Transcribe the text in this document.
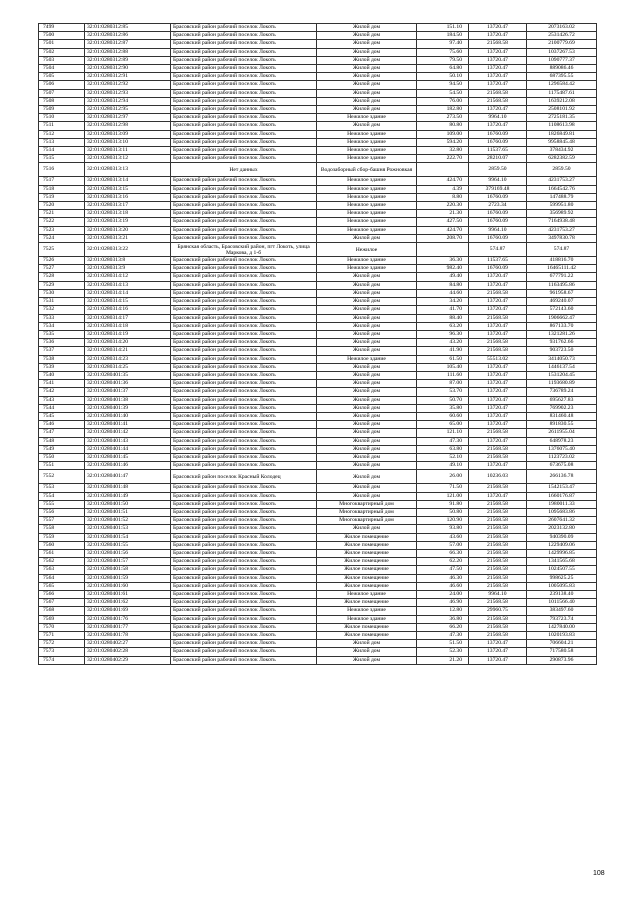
7499	32:01:0280312:85	Брасовский район рабочий поселок Локоть	Жилой дом	151.10	13720.47	2073163.02
7500	32:01:0280312:86	Брасовский район рабочий поселок Локоть	Жилой дом	184.50	13720.47	2531426.72
7501	32:01:0280312:87	Брасовский район рабочий поселок Локоть	Жилой дом	97.40	21568.58	2100779.69
7502	32:01:0280312:88	Брасовский район рабочий поселок Локоть	Жилой дом	75.60	13720.47	1037267.53
7503	32:01:0280312:89	Брасовский район рабочий поселок Локоть	Жилой дом	79.50	13720.47	1090777.37
7504	32:01:0280312:90	Брасовский район рабочий поселок Локоть	Жилой дом	64.80	13720.47	889086.46
7505	32:01:0280312:91	Брасовский район рабочий поселок Локоть	Жилой дом	50.10	13720.47	687395.55
7506	32:01:0280312:92	Брасовский район рабочий поселок Локоть	Жилой дом	94.50	13720.47	1296584.42
7507	32:01:0280312:93	Брасовский район рабочий поселок Локоть	Жилой дом	54.50	21568.58	1175487.61
7508	32:01:0280312:94	Брасовский район рабочий поселок Локоть	Жилой дом	76.00	21568.58	1639212.08
7509	32:01:0280312:95	Брасовский район рабочий поселок Локоть	Жилой дом	182.80	13720.47	2508101.92
7510	32:01:0280312:97	Брасовский район рабочий поселок Локоть	Нежилое здание	273.50	9964.10	2725181.35
7511	32:01:0280312:98	Брасовский район рабочий поселок Локоть	Жилой дом	80.80	13720.47	1108613.98
7512	32:01:0280313:09	Брасовский район рабочий поселок Локоть	Нежилое здание	109.00	16760.09	1826849.81
7513	32:01:0280313:10	Брасовский район рабочий поселок Локоть	Нежилое здание	594.20	16760.09	9958845.48
7514	32:01:0280313:11	Брасовский район рабочий поселок Локоть	Нежилое здание	32.80	11537.65	378434.92
7515	32:01:0280313:12	Брасовский район рабочий поселок Локоть	Нежилое здание	222.70	28210.07	6282382.59
7516	32:01:0280313:13	Нет данных	Водозаборный сбор-башня Рожновкая		2859.50	2859.50
7517	32:01:0280313:14	Брасовский район рабочий поселок Локоть	Нежилое здание	424.70	9964.10	4231753.27
7518	32:01:0280313:15	Брасовский район рабочий поселок Локоть	Нежилое здание	4.39	379169.48	1664542.76
7519	32:01:0280313:16	Брасовский район рабочий поселок Локоть	Нежилое здание	8.80	16760.09	147488.79
7520	32:01:0280313:17	Брасовский район рабочий поселок Локоть	Нежилое здание	220.30	2723.34	599951.80
7521	32:01:0280313:18	Брасовский район рабочий поселок Локоть	Нежилое здание	21.30	16760.09	356989.92
7522	32:01:0280313:19	Брасовский район рабочий поселок Локоть	Нежилое здание	427.50	16760.09	7164938.48
7523	32:01:0280313:20	Брасовский район рабочий поселок Локоть	Нежилое здание	424.70	9964.10	4231753.27
7524	32:01:0280313:21	Брасовский район рабочий поселок Локоть	Жилой дом	208.70	16760.09	3497830.78
7525	32:01:0280313:22	Брянская область, Брасовский район, пгт Локоть, улица Маркова, д 1-б	Нежилое		574.87	574.87
7526	32:01:0280313:8	Брасовский район рабочий поселок Локоть	Нежилое здание	36.30	11537.65	418816.70
7527	32:01:0280313:9	Брасовский район рабочий поселок Локоть	Нежилое здание	982.40	16760.09	16465111.42
7528	32:01:0280314:12	Брасовский район рабочий поселок Локоть	Жилой дом	49.40	13720.47	677791.22
7529	32:01:0280314:13	Брасовский район рабочий поселок Локоть	Жилой дом	84.80	13720.47	1163495.86
7530	32:01:0280314:14	Брасовский район рабочий поселок Локоть	Жилой дом	44.60	21568.58	961958.67
7531	32:01:0280314:15	Брасовский район рабочий поселок Локоть	Жилой дом	34.20	13720.47	469240.07
7532	32:01:0280314:16	Брасовский район рабочий поселок Локоть	Жилой дом	41.70	13720.47	572143.60
7533	32:01:0280314:17	Брасовский район рабочий поселок Локоть	Жилой дом	88.40	21568.58	1906662.47
7534	32:01:0280314:18	Брасовский район рабочий поселок Локоть	Жилой дом	63.20	13720.47	867133.70
7535	32:01:0280314:19	Брасовский район рабочий поселок Локоть	Жилой дом	96.30	13720.47	1321281.26
7536	32:01:0280314:20	Брасовский район рабочий поселок Локоть	Жилой дом	43.20	21568.58	931762.66
7537	32:01:0280314:21	Брасовский район рабочий поселок Локоть	Жилой дом	41.90	21568.58	903723.50
7538	32:01:0280314:23	Брасовский район рабочий поселок Локоть	Нежилое здание	61.50	55513.02	3414050.73
7539	32:01:0280314:25	Брасовский район рабочий поселок Локоть	Жилой дом	105.40	13720.47	1446137.54
7540	32:01:0280401:35	Брасовский район рабочий поселок Локоть	Жилой дом	111.60	13720.47	1531204.45
7541	32:01:0280401:36	Брасовский район рабочий поселок Локоть	Жилой дом	87.00	13720.47	1193680.89
7542	32:01:0280401:37	Брасовский район рабочий поселок Локоть	Жилой дом	53.70	13720.47	736789.24
7543	32:01:0280401:38	Брасовский район рабочий поселок Локоть	Жилой дом	50.70	13720.47	695627.83
7544	32:01:0280401:39	Брасовский район рабочий поселок Локоть	Жилой дом	35.80	13720.47	769902.23
7545	32:01:0280401:40	Брасовский район рабочий поселок Локоть	Жилой дом	60.60	13720.47	831460.48
7546	32:01:0280401:41	Брасовский район рабочий поселок Локоть	Жилой дом	65.00	13720.47	891830.55
7547	32:01:0280401:42	Брасовский район рабочий поселок Локоть	Жилой дом	121.10	21568.58	2611955.04
7548	32:01:0280401:43	Брасовский район рабочий поселок Локоть	Жилой дом	47.30	13720.47	648978.23
7549	32:01:0280401:44	Брасовский район рабочий поселок Локоть	Жилой дом	63.80	21568.58	1376075.40
7550	32:01:0280401:45	Брасовский район рабочий поселок Локоть	Жилой дом	52.10	21568.58	1123723.02
7551	32:01:0280401:46	Брасовский район рабочий поселок Локоть	Жилой дом	49.10	13720.47	673675.08
7552	32:01:0280401:47	Брасовский район поселок Красный Колодец	Жилой дом	26.00	10236.03	266136.78
7553	32:01:0280401:48	Брасовский район рабочий поселок Локоть	Жилой дом	71.50	21568.58	1542153.47
7554	32:01:0280401:49	Брасовский район рабочий поселок Локоть	Жилой дом	121.00	13720.47	1660176.87
7555	32:01:0280401:50	Брасовский район рабочий поселок Локоть	Многоквартирный дом	91.80	21568.58	1980011.33
7556	32:01:0280401:51	Брасовский район рабочий поселок Локоть	Многоквартирный дом	50.80	21568.58	1095683.86
7557	32:01:0280401:52	Брасовский район рабочий поселок Локоть	Многоквартирный дом	120.90	21568.58	2607641.32
7558	32:01:0280401:53	Брасовский район рабочий поселок Локоть	Жилой дом	93.80	21568.58	2023132.80
7559	32:01:0280401:54	Брасовский район рабочий поселок Локоть	Жилое помещение	43.60	21568.58	940390.09
7560	32:01:0280401:55	Брасовский район рабочий поселок Локоть	Жилое помещение	57.00	21568.58	1229409.06
7561	32:01:0280401:56	Брасовский район рабочий поселок Локоть	Жилое помещение	66.30	21568.58	1429996.85
7562	32:01:0280401:57	Брасовский район рабочий поселок Локоть	Жилое помещение	62.20	21568.58	1341565.68
7563	32:01:0280401:58	Брасовский район рабочий поселок Локоть	Жилое помещение	47.50	21568.58	1024507.55
7564	32:01:0280401:59	Брасовский район рабочий поселок Локоть	Жилое помещение	46.30	21568.58	998625.25
7565	32:01:0280401:60	Брасовский район рабочий поселок Локоть	Жилое помещение	46.60	21568.58	1005095.83
7566	32:01:0280401:61	Брасовский район рабочий поселок Локоть	Нежилое здание	24.00	9964.10	239138.40
7567	32:01:0280401:62	Брасовский район рабочий поселок Локоть	Жилое помещение	46.90	21568.58	1011566.40
7568	32:01:0280401:69	Брасовский район рабочий поселок Локоть	Нежилое здание	12.80	29960.75	383497.60
7569	32:01:0280401:76	Брасовский район рабочий поселок Локоть	Нежилое здание	36.80	21568.58	793723.74
7570	32:01:0280401:77	Брасовский район рабочий поселок Локоть	Жилое помещение	66.20	21568.58	1427840.00
7571	32:01:0280401:78	Брасовский район рабочий поселок Локоть	Жилое помещение	47.30	21568.58	1020193.83
7572	32:01:0280402:27	Брасовский район рабочий поселок Локоть	Жилой дом	51.50	13720.47	706604.21
7573	32:01:0280402:28	Брасовский район рабочий поселок Локоть	Жилой дом	52.30	13720.47	717580.58
7574	32:01:0280402:29	Брасовский район рабочий поселок Локоть	Жилой дом	21.20	13720.47	290873.96
108
